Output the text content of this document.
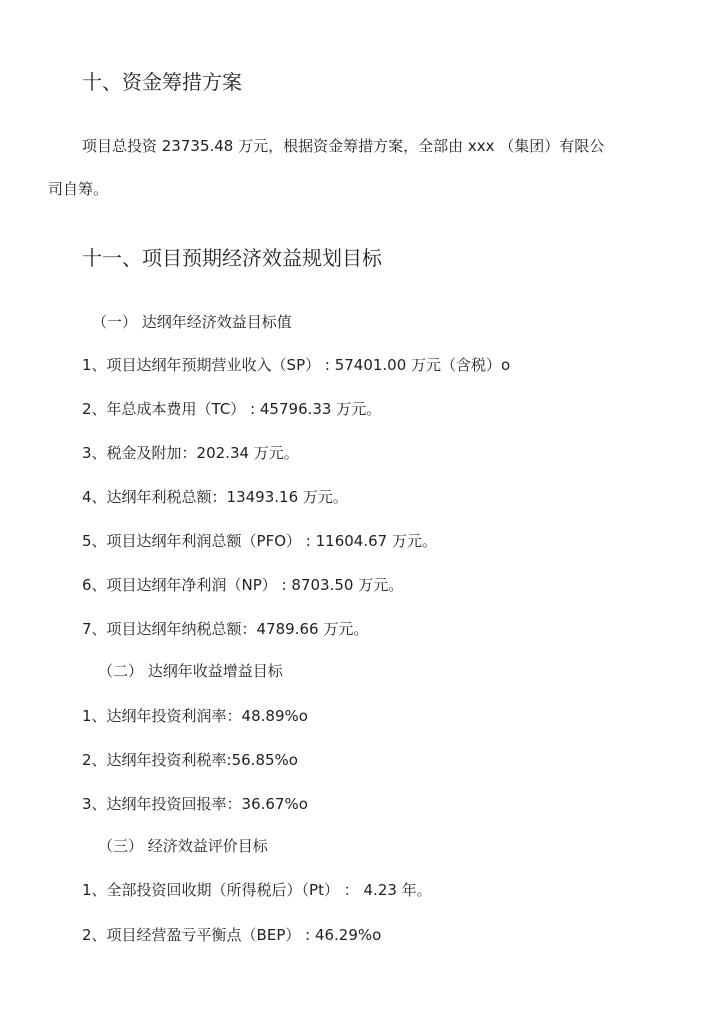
十、资金筹措方案
项目总投资 23735.48 万元，根据资金筹措方案，全部由 xxx （集团）有限公
司自筹。
十一、项目预期经济效益规划目标
（一） 达纲年经济效益目标值
1、项目达纲年预期营业收入（SP） : 57401.00 万元（含税）o
2、年总成本费用（TC） : 45796.33 万元。
3、税金及附加：202.34 万元。
4、达纲年利税总额：13493.16 万元。
5、项目达纲年利润总额（PFO） : 11604.67 万元。
6、项目达纲年净利润（NP） : 8703.50 万元。
7、项目达纲年纳税总额：4789.66 万元。
（二） 达纲年收益增益目标
1、达纲年投资利润率：48.89%o
2、达纲年投资利税率:56.85%o
3、达纲年投资回报率：36.67%o
（三） 经济效益评价目标
1、全部投资回收期（所得税后）（Pt） ： 4.23 年。
2、项目经营盈亏平衡点（BEP） : 46.29%o
